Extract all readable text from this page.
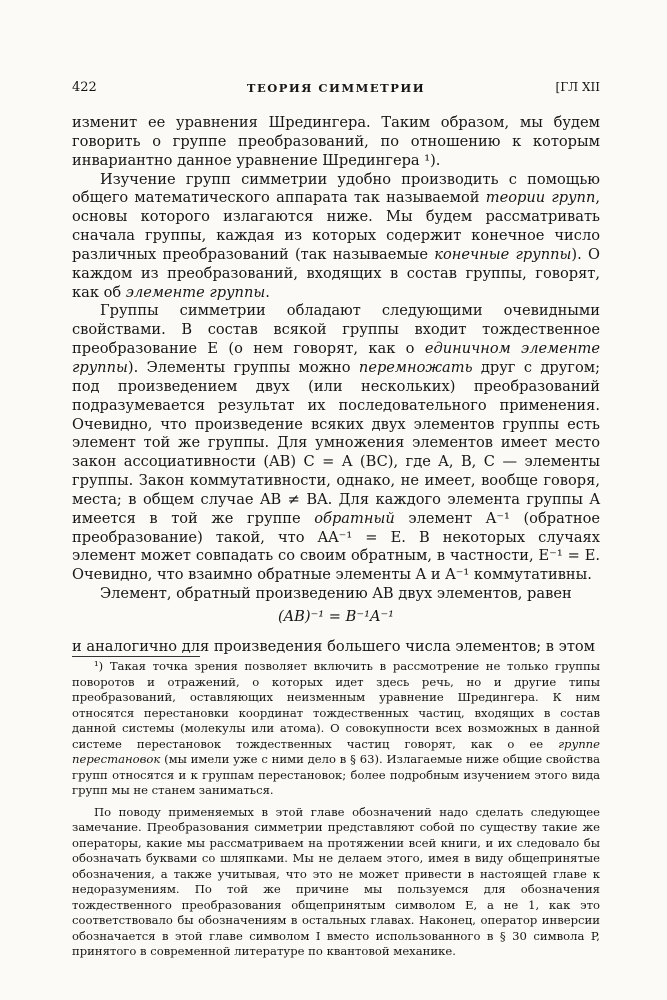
422	ТЕОРИЯ СИММЕТРИИ	[ГЛ XII

изменит ее уравнения Шредингера. Таким образом, мы будем говорить о группе преобразований, по отношению к которым инвариантно данное уравнение Шредингера ¹).

Изучение групп симметрии удобно производить с помощью общего математического аппарата так называемой теории групп, основы которого излагаются ниже. Мы будем рассматривать сначала группы, каждая из которых содержит конечное число различных преобразований (так называемые конечные группы). О каждом из преобразований, входящих в состав группы, говорят, как об элементе группы.

Группы симметрии обладают следующими очевидными свойствами. В состав всякой группы входит тождественное преобразование E (о нем говорят, как о единичном элементе группы). Элементы группы можно перемножать друг с другом; под произведением двух (или нескольких) преобразований подразумевается результат их последовательного применения. Очевидно, что произведение всяких двух элементов группы есть элемент той же группы. Для умножения элементов имеет место закон ассоциативности (AB) C = A (BC), где A, B, C — элементы группы. Закон коммутативности, однако, не имеет, вообще говоря, места; в общем случае AB ≠ BA. Для каждого элемента группы A имеется в той же группе обратный элемент A⁻¹ (обратное преобразование) такой, что AA⁻¹ = E. В некоторых случаях элемент может совпадать со своим обратным, в частности, E⁻¹ = E. Очевидно, что взаимно обратные элементы A и A⁻¹ коммутативны.

Элемент, обратный произведению AB двух элементов, равен

(AB)⁻¹ = B⁻¹A⁻¹

и аналогично для произведения большего числа элементов; в этом

¹) Такая точка зрения позволяет включить в рассмотрение не только группы поворотов и отражений, о которых идет здесь речь, но и другие типы преобразований, оставляющих неизменным уравнение Шредингера. К ним относятся перестановки координат тождественных частиц, входящих в состав данной системы (молекулы или атома). О совокупности всех возможных в данной системе перестановок тождественных частиц говорят, как о ее группе перестановок (мы имели уже с ними дело в § 63). Излагаемые ниже общие свойства групп относятся и к группам перестановок; более подробным изучением этого вида групп мы не станем заниматься.

По поводу применяемых в этой главе обозначений надо сделать следующее замечание. Преобразования симметрии представляют собой по существу такие же операторы, какие мы рассматриваем на протяжении всей книги, и их следовало бы обозначать буквами со шляпками. Мы не делаем этого, имея в виду общепринятые обозначения, а также учитывая, что это не может привести в настоящей главе к недоразумениям. По той же причине мы пользуемся для обозначения тождественного преобразования общепринятым символом E, а не 1, как это соответствовало бы обозначениям в остальных главах. Наконец, оператор инверсии обозначается в этой главе символом I вместо использованного в § 30 символа P, принятого в современной литературе по квантовой механике.
